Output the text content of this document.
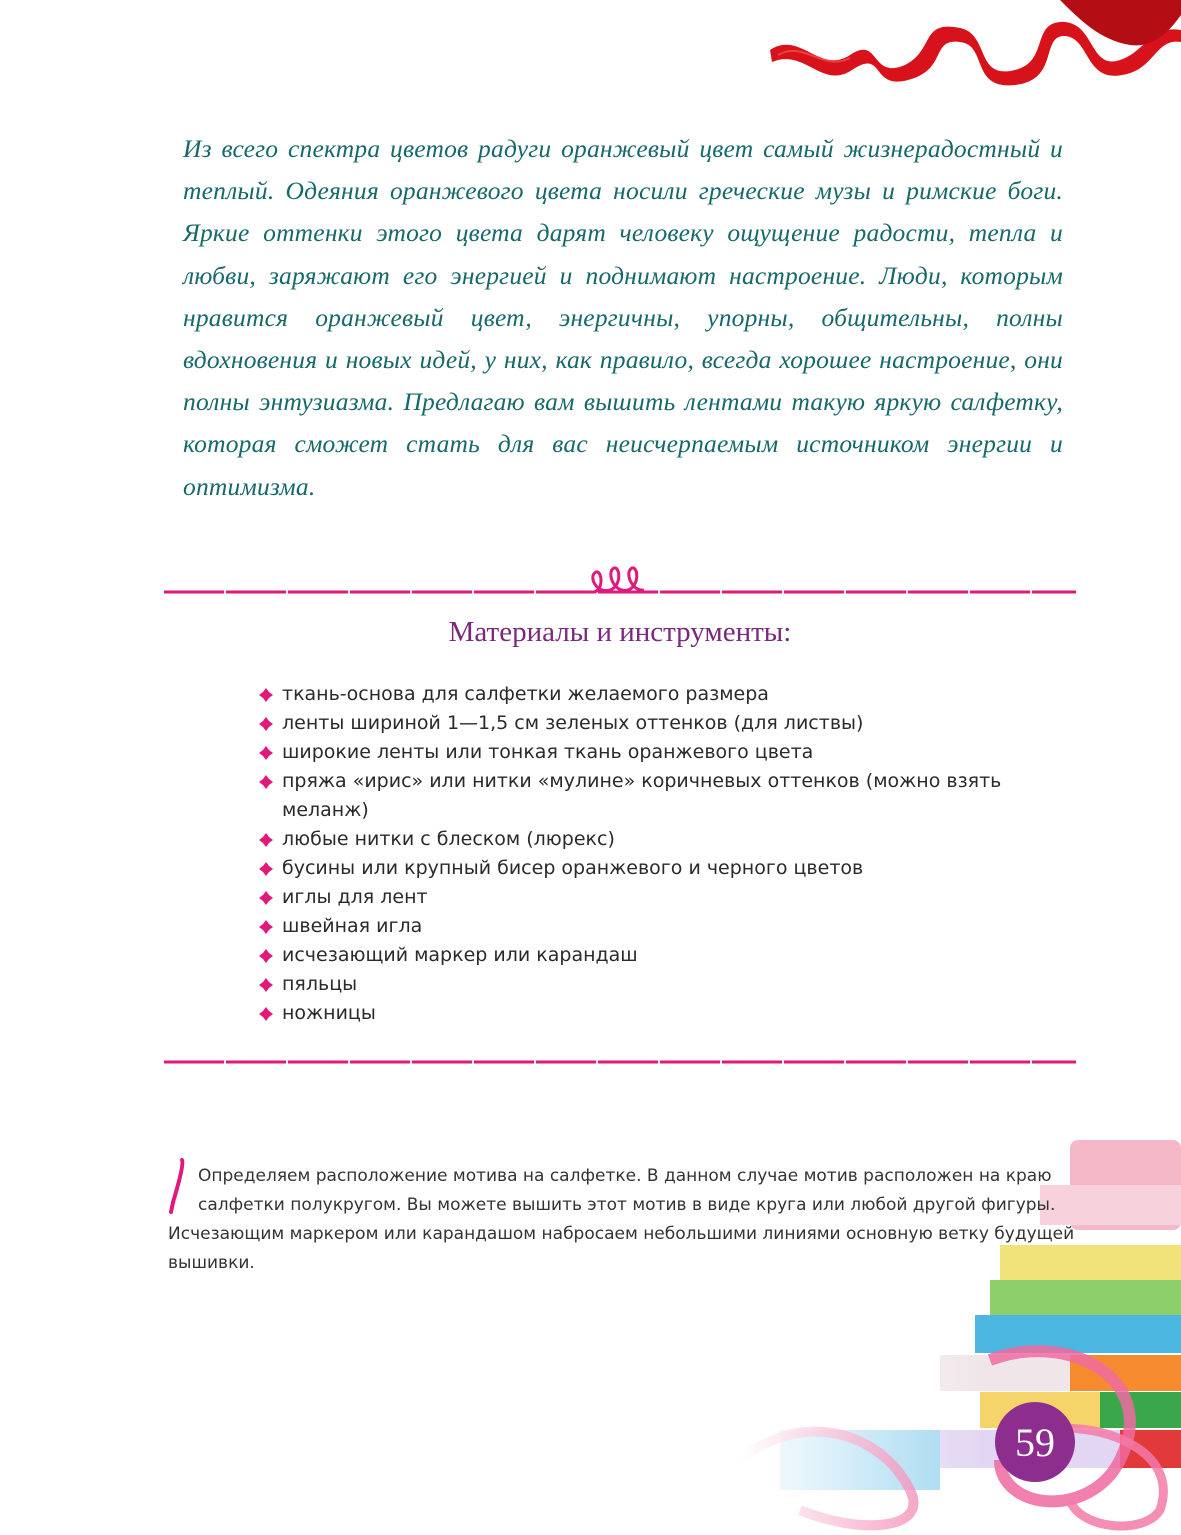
Из всего спектра цветов радуги оранжевый цвет самый жизнерадостный и теплый. Одеяния оранжевого цвета носили греческие музы и римские боги. Яркие оттенки этого цвета дарят человеку ощущение радости, тепла и любви, заряжают его энергией и поднимают настроение. Люди, которым нравится оранжевый цвет, энергичны, упорны, общительны, полны вдохновения и новых идей, у них, как правило, всегда хорошее настроение, они полны энтузиазма. Предлагаю вам вышить лентами такую яркую салфетку, которая сможет стать для вас неисчерпаемым источником энергии и оптимизма.

Материалы и инструменты:
ткань-основа для салфетки желаемого размера
ленты шириной 1—1,5 см зеленых оттенков (для листвы)
широкие ленты или тонкая ткань оранжевого цвета
пряжа «ирис» или нитки «мулине» коричневых оттенков (можно взять меланж)
любые нитки с блеском (люрекс)
бусины или крупный бисер оранжевого и черного цветов
иглы для лент
швейная игла
исчезающий маркер или карандаш
пяльцы
ножницы
59

Определяем расположение мотива на салфетке. В данном случае мотив расположен на краю салфетки полукругом. Вы можете вышить этот мотив в виде круга или любой другой фигуры.
Исчезающим маркером или карандашом набросаем небольшими линиями основную ветку будущей вышивки.
